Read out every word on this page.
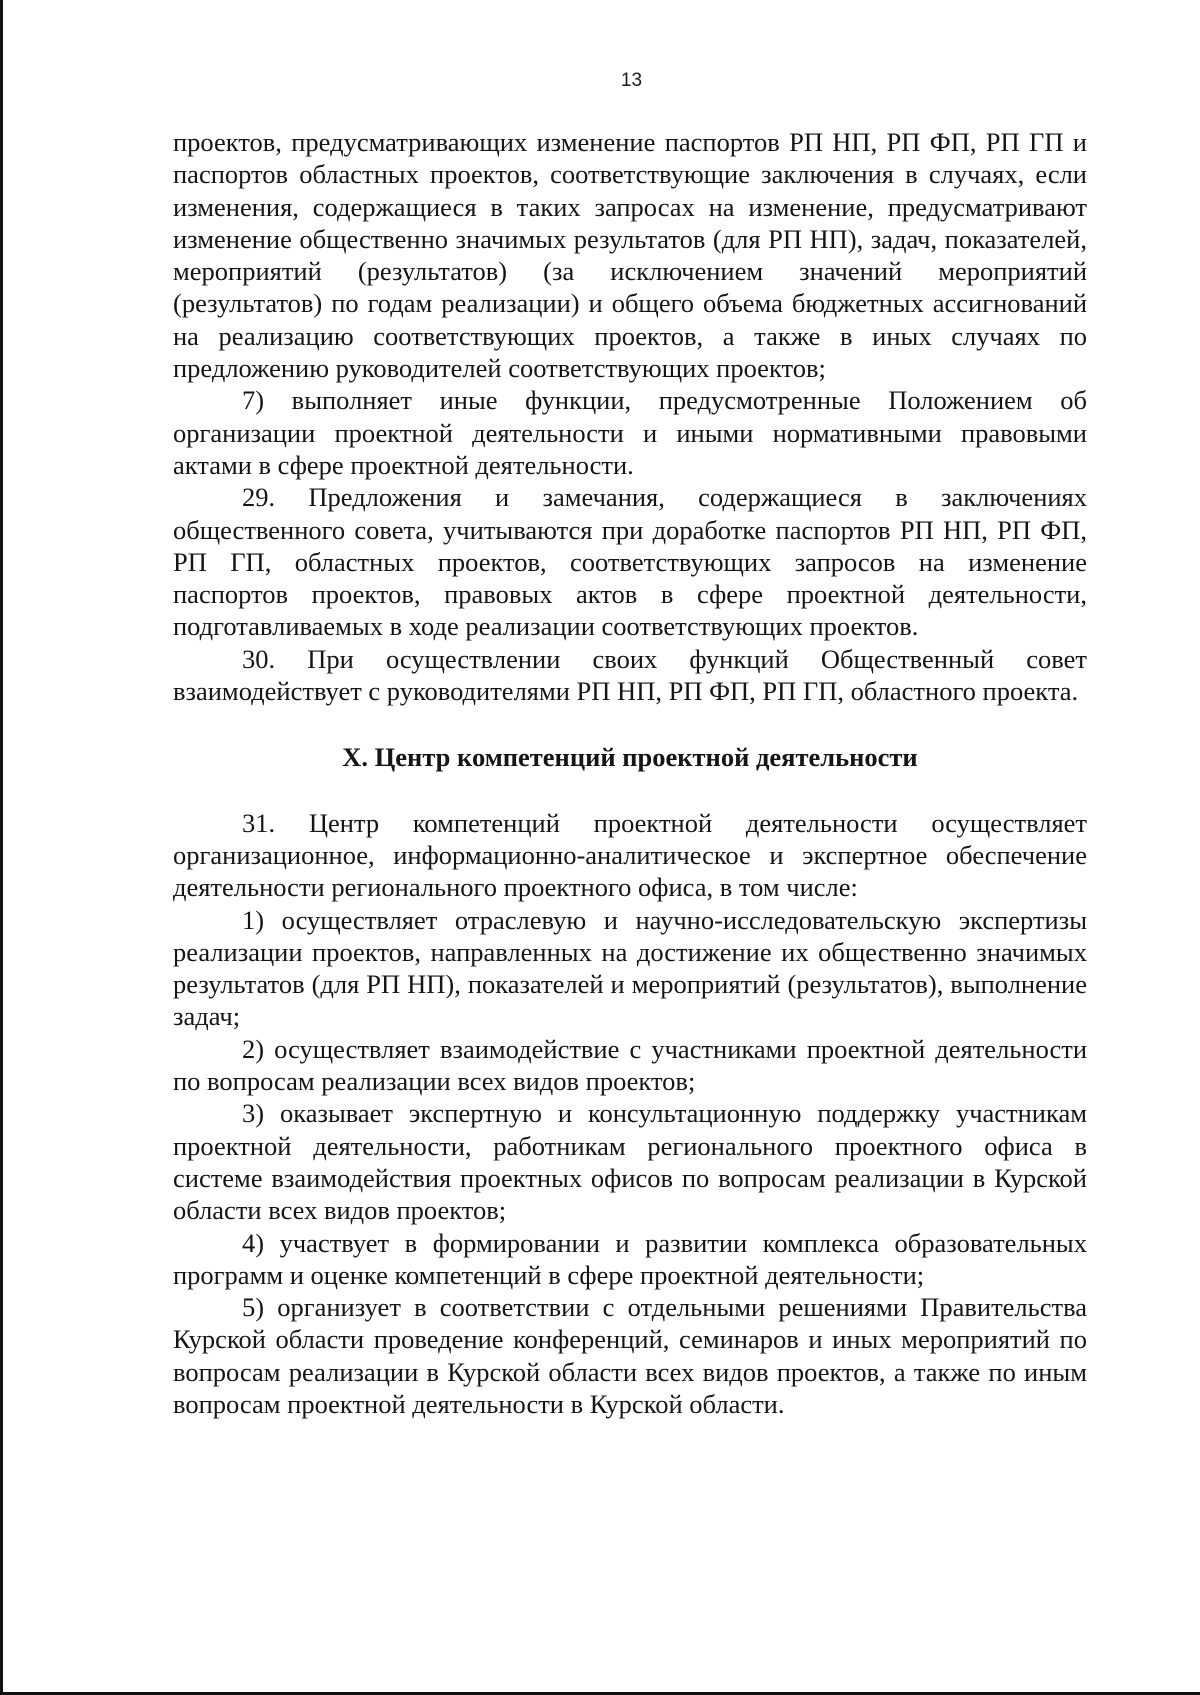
13

проектов, предусматривающих изменение паспортов РП НП, РП ФП, РП ГП и паспортов областных проектов, соответствующие заключения в случаях, если изменения, содержащиеся в таких запросах на изменение, предусматривают изменение общественно значимых результатов (для РП НП), задач, показателей, мероприятий (результатов) (за исключением значений мероприятий (результатов) по годам реализации) и общего объема бюджетных ассигнований на реализацию соответствующих проектов, а также в иных случаях по предложению руководителей соответствующих проектов;

7) выполняет иные функции, предусмотренные Положением об организации проектной деятельности и иными нормативными правовыми актами в сфере проектной деятельности.

29. Предложения и замечания, содержащиеся в заключениях общественного совета, учитываются при доработке паспортов РП НП, РП ФП, РП ГП, областных проектов, соответствующих запросов на изменение паспортов проектов, правовых актов в сфере проектной деятельности, подготавливаемых в ходе реализации соответствующих проектов.

30. При осуществлении своих функций Общественный совет взаимодействует с руководителями РП НП, РП ФП, РП ГП, областного проекта.

X. Центр компетенций проектной деятельности

31. Центр компетенций проектной деятельности осуществляет организационное, информационно-аналитическое и экспертное обеспечение деятельности регионального проектного офиса, в том числе:

1) осуществляет отраслевую и научно-исследовательскую экспертизы реализации проектов, направленных на достижение их общественно значимых результатов (для РП НП), показателей и мероприятий (результатов), выполнение задач;

2) осуществляет взаимодействие с участниками проектной деятельности по вопросам реализации всех видов проектов;

3) оказывает экспертную и консультационную поддержку участникам проектной деятельности, работникам регионального проектного офиса в системе взаимодействия проектных офисов по вопросам реализации в Курской области всех видов проектов;

4) участвует в формировании и развитии комплекса образовательных программ и оценке компетенций в сфере проектной деятельности;

5) организует в соответствии с отдельными решениями Правительства Курской области проведение конференций, семинаров и иных мероприятий по вопросам реализации в Курской области всех видов проектов, а также по иным вопросам проектной деятельности в Курской области.
